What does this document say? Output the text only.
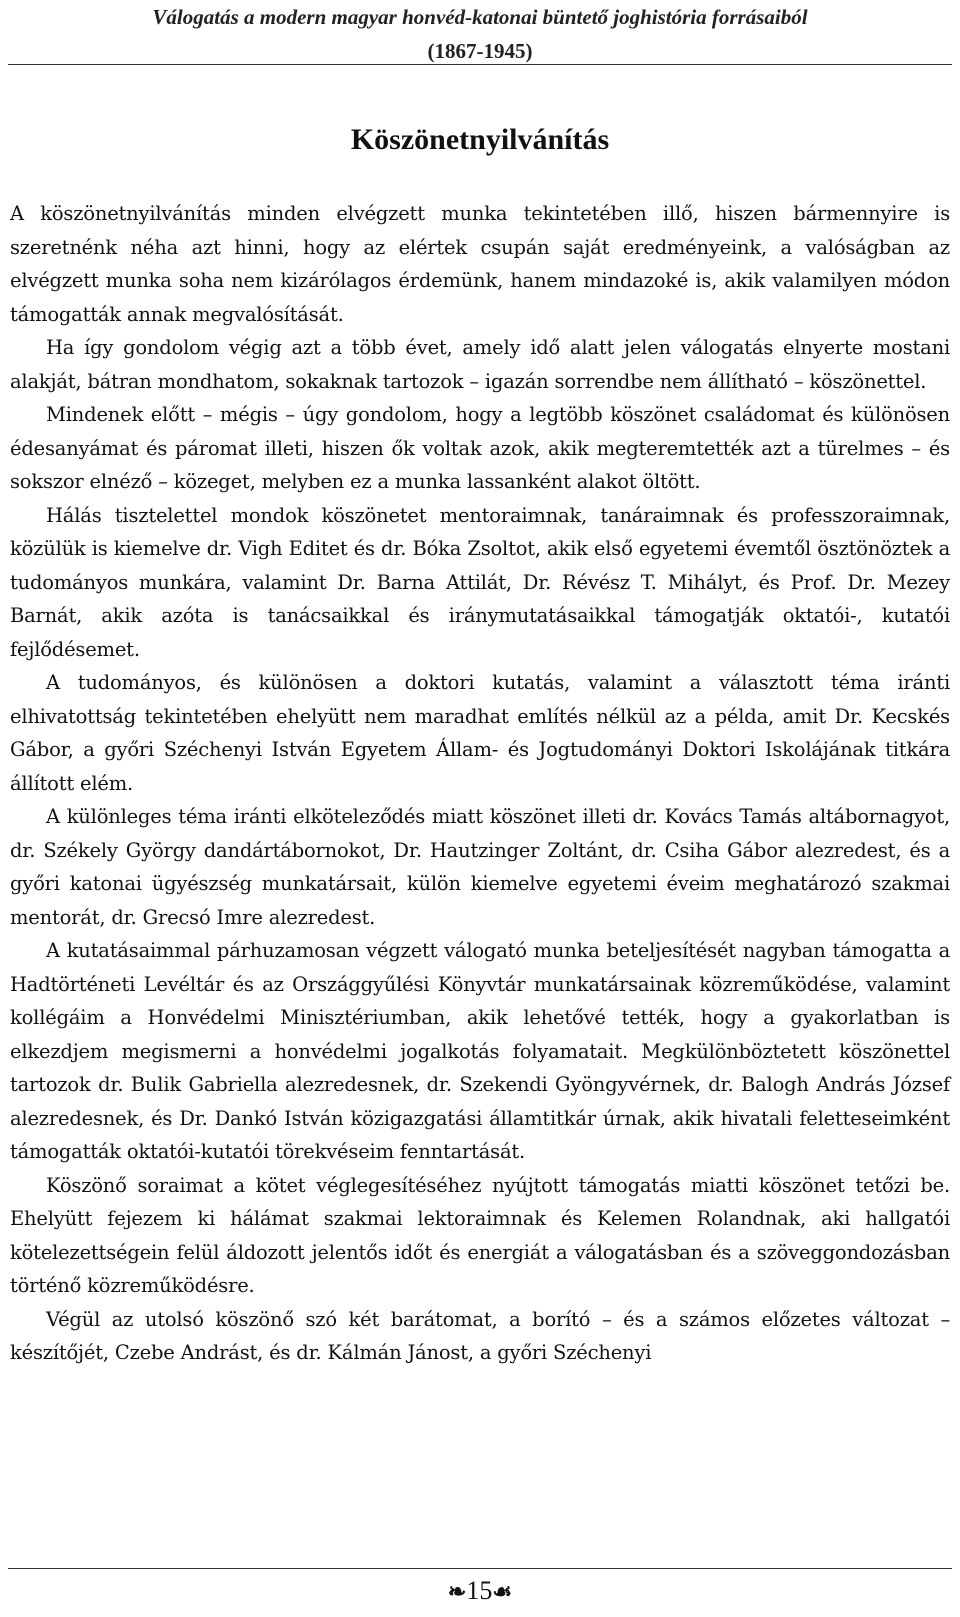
Válogatás a modern magyar honvéd-katonai büntető joghistória forrásaiból
(1867-1945)
Köszönetnyilvánítás

A köszönetnyilvánítás minden elvégzett munka tekintetében illő, hiszen bármennyire is szeretnénk néha azt hinni, hogy az elértek csupán saját eredményeink, a valóságban az elvégzett munka soha nem kizárólagos érdemünk, hanem mindazoké is, akik valamilyen módon támogatták annak megvalósítását.

Ha így gondolom végig azt a több évet, amely idő alatt jelen válogatás elnyerte mostani alakját, bátran mondhatom, sokaknak tartozok – igazán sorrendbe nem állítható – köszönettel.

Mindenek előtt – mégis – úgy gondolom, hogy a legtöbb köszönet családomat és különösen édesanyámat és páromat illeti, hiszen ők voltak azok, akik megteremtették azt a türelmes – és sokszor elnéző – közeget, melyben ez a munka lassanként alakot öltött.

Hálás tisztelettel mondok köszönetet mentoraimnak, tanáraimnak és professzoraimnak, közülük is kiemelve dr. Vigh Editet és dr. Bóka Zsoltot, akik első egyetemi évemtől ösztönöztek a tudományos munkára, valamint Dr. Barna Attilát, Dr. Révész T. Mihályt, és Prof. Dr. Mezey Barnát, akik azóta is tanácsaikkal és iránymutatásaikkal támogatják oktatói-, kutatói fejlődésemet.

A tudományos, és különösen a doktori kutatás, valamint a választott téma iránti elhivatottság tekintetében ehelyütt nem maradhat említés nélkül az a példa, amit Dr. Kecskés Gábor, a győri Széchenyi István Egyetem Állam- és Jogtudományi Doktori Iskolájának titkára állított elém.

A különleges téma iránti elköteleződés miatt köszönet illeti dr. Kovács Tamás altábornagyot, dr. Székely György dandártábornokot, Dr. Hautzinger Zoltánt, dr. Csiha Gábor alezredest, és a győri katonai ügyészség munkatársait, külön kiemelve egyetemi éveim meghatározó szakmai mentorát, dr. Grecsó Imre alezredest.

A kutatásaimmal párhuzamosan végzett válogató munka beteljesítését nagyban támogatta a Hadtörténeti Levéltár és az Országgyűlési Könyvtár munkatársainak közreműködése, valamint kollégáim a Honvédelmi Minisztériumban, akik lehetővé tették, hogy a gyakorlatban is elkezdjem megismerni a honvédelmi jogalkotás folyamatait. Megkülönböztetett köszönettel tartozok dr. Bulik Gabriella alezredesnek, dr. Szekendi Gyöngyvérnek, dr. Balogh András József alezredesnek, és Dr. Dankó István közigazgatási államtitkár úrnak, akik hivatali feletteseimként támogatták oktatói-kutatói törekvéseim fenntartását.

Köszönő soraimat a kötet véglegesítéséhez nyújtott támogatás miatti köszönet tetőzi be. Ehelyütt fejezem ki hálámat szakmai lektoraimnak és Kelemen Rolandnak, aki hallgatói kötelezettségein felül áldozott jelentős időt és energiát a válogatásban és a szöveggondozásban történő közreműködésre.

Végül az utolsó köszönő szó két barátomat, a borító – és a számos előzetes változat – készítőjét, Czebe Andrást, és dr. Kálmán Jánost, a győri Széchenyi

❧15☙
